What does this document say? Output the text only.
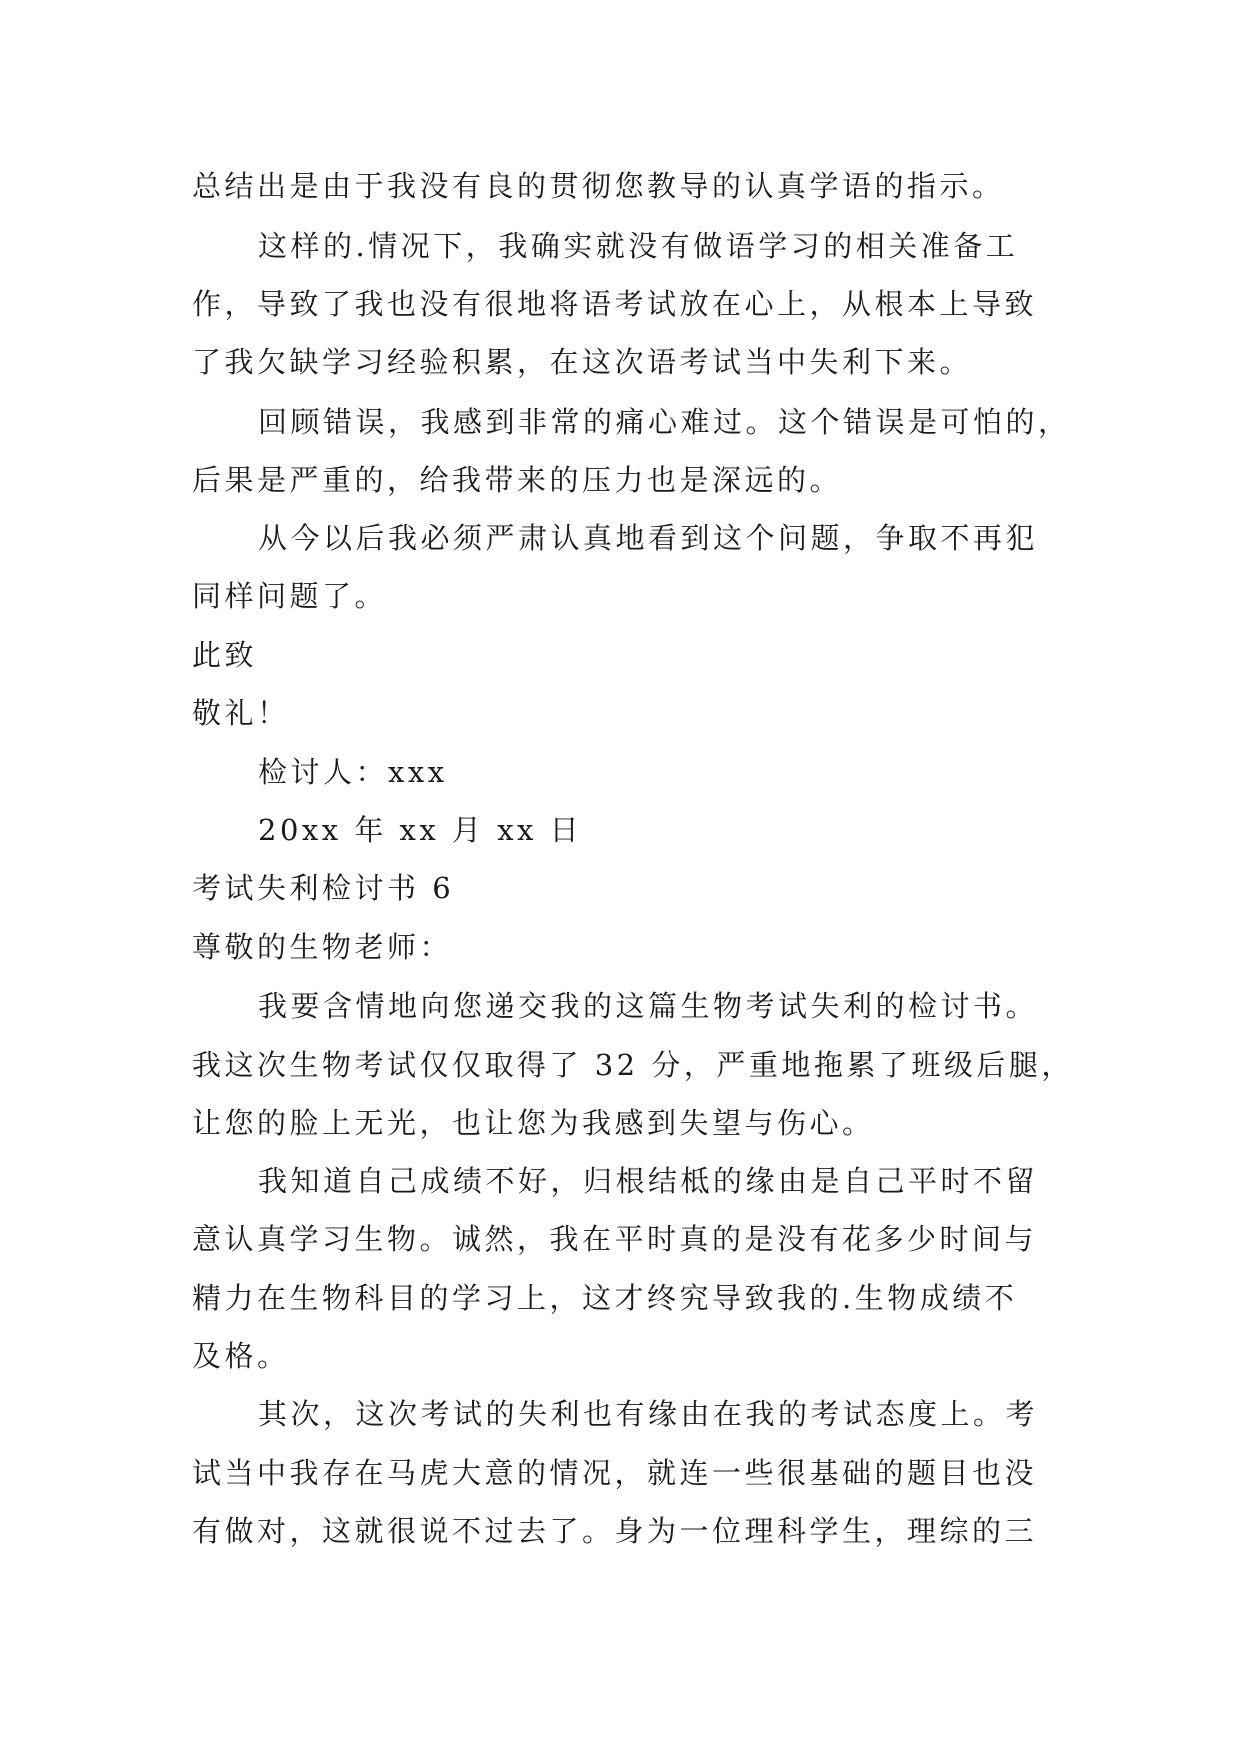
总结出是由于我没有良的贯彻您教导的认真学语的指示。
这样的.情况下，我确实就没有做语学习的相关准备工
作，导致了我也没有很地将语考试放在心上，从根本上导致
了我欠缺学习经验积累，在这次语考试当中失利下来。
回顾错误，我感到非常的痛心难过。这个错误是可怕的，
后果是严重的，给我带来的压力也是深远的。
从今以后我必须严肃认真地看到这个问题，争取不再犯
同样问题了。
此致
敬礼！
检讨人：xxx
20xx 年 xx 月 xx 日
考试失利检讨书 6
尊敬的生物老师：
我要含情地向您递交我的这篇生物考试失利的检讨书。
我这次生物考试仅仅取得了 32 分，严重地拖累了班级后腿，
让您的脸上无光，也让您为我感到失望与伤心。
我知道自己成绩不好，归根结柢的缘由是自己平时不留
意认真学习生物。诚然，我在平时真的是没有花多少时间与
精力在生物科目的学习上，这才终究导致我的.生物成绩不
及格。
其次，这次考试的失利也有缘由在我的考试态度上。考
试当中我存在马虎大意的情况，就连一些很基础的题目也没
有做对，这就很说不过去了。身为一位理科学生，理综的三
